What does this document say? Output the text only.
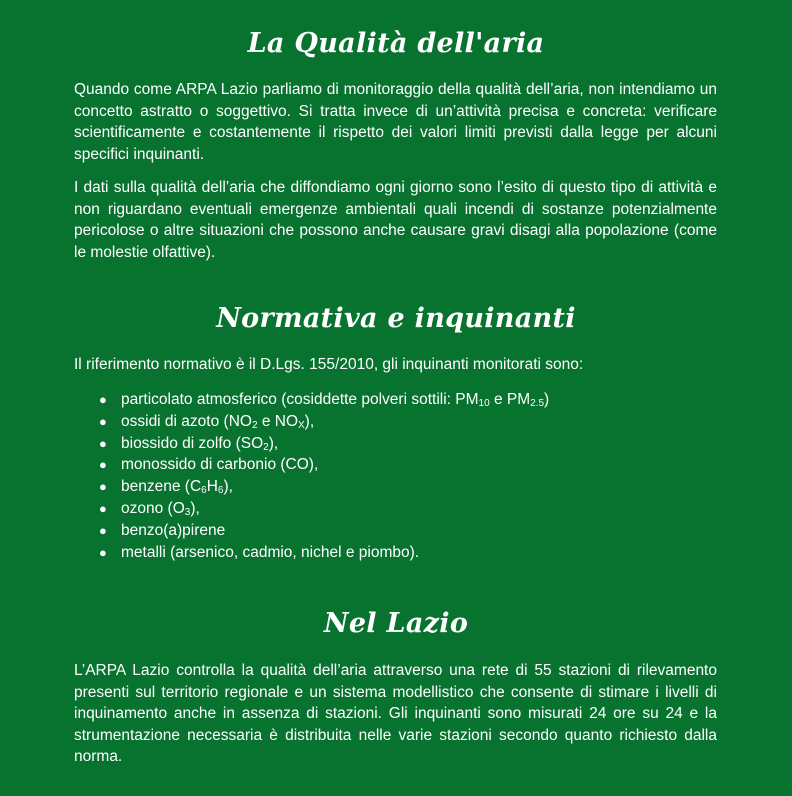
La Qualità dell'aria

Quando come ARPA Lazio parliamo di monitoraggio della qualità dell’aria, non intendiamo un concetto astratto o soggettivo. Si tratta invece di un’attività precisa e concreta: verificare scientificamente e costantemente il rispetto dei valori limiti previsti dalla legge per alcuni specifici inquinanti.

I dati sulla qualità dell’aria che diffondiamo ogni giorno sono l’esito di questo tipo di attività e non riguardano eventuali emergenze ambientali quali incendi di sostanze potenzialmente pericolose o altre situazioni che possono anche causare gravi disagi alla popolazione (come le molestie olfattive).

Normativa e inquinanti

Il riferimento normativo è il D.Lgs. 155/2010, gli inquinanti monitorati sono:

● particolato atmosferico (cosiddette polveri sottili: $PM_{10}$ e $PM_{2.5}$)
● ossidi di azoto ($NO_2$ e $NO_X$),
● biossido di zolfo $(SO_2)$,
● monossido di carbonio (CO),
● benzene $(C_6H_6)$,
● ozono $(O_3)$,
● benzo(a)pirene
● metalli (arsenico, cadmio, nichel e piombo).
Nel Lazio

L’ARPA Lazio controlla la qualità dell’aria attraverso una rete di 55 stazioni di rilevamento presenti sul territorio regionale e un sistema modellistico che consente di stimare i livelli di inquinamento anche in assenza di stazioni. Gli inquinanti sono misurati 24 ore su 24 e la strumentazione necessaria è distribuita nelle varie stazioni secondo quanto richiesto dalla norma.
